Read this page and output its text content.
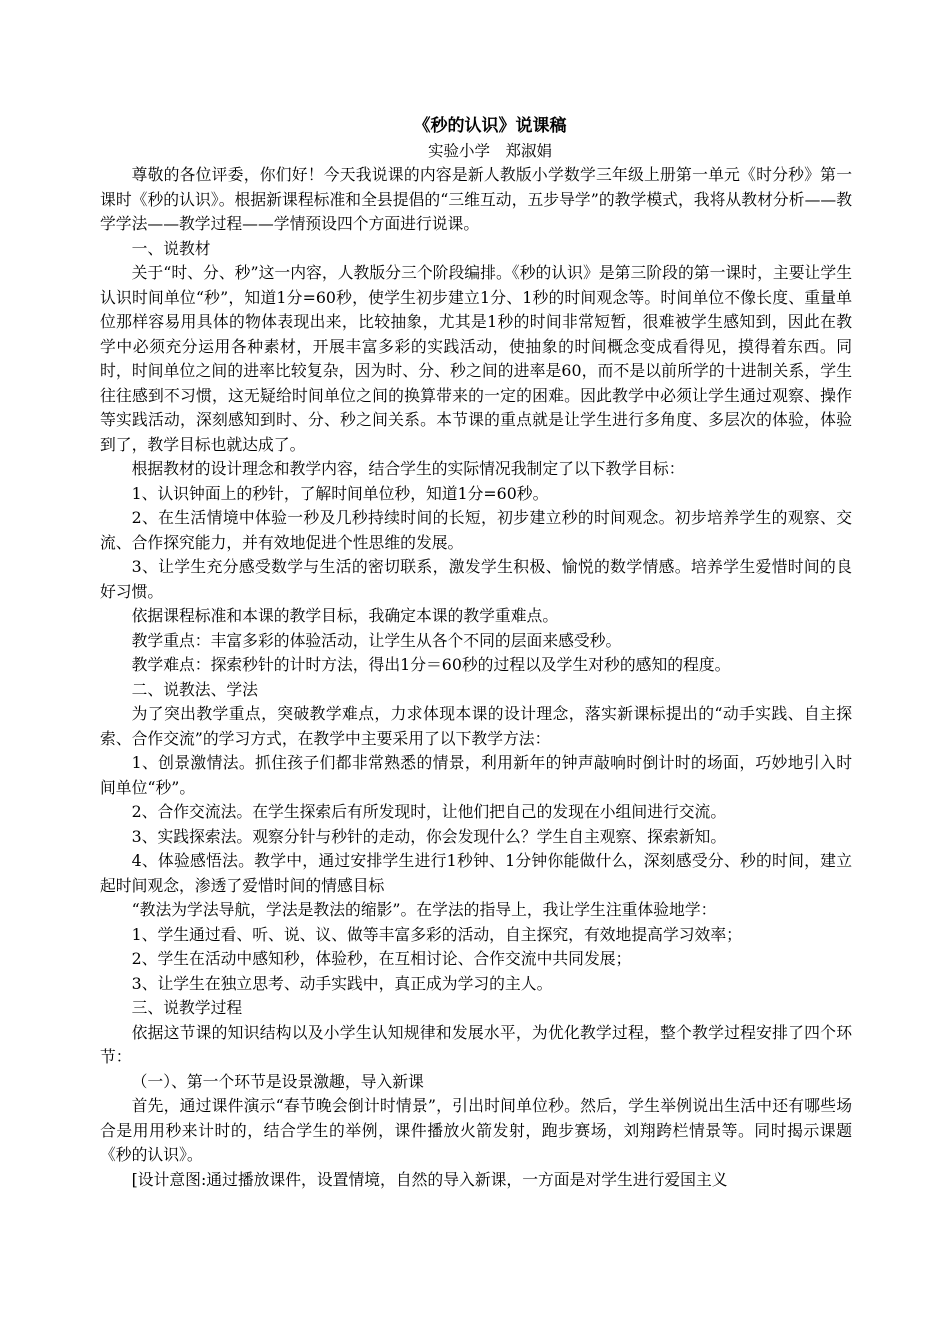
《秒的认识》说课稿

实验小学　郑淑娟

尊敬的各位评委，你们好！今天我说课的内容是新人教版小学数学三年级上册第一单元《时分秒》第一课时《秒的认识》。根据新课程标准和全县提倡的“三维互动，五步导学”的教学模式，我将从教材分析——教学学法——教学过程——学情预设四个方面进行说课。

一、说教材

关于“时、分、秒”这一内容，人教版分三个阶段编排。《秒的认识》是第三阶段的第一课时，主要让学生认识时间单位“秒”，知道1分=60秒，使学生初步建立1分、1秒的时间观念等。时间单位不像长度、重量单位那样容易用具体的物体表现出来，比较抽象，尤其是1秒的时间非常短暂，很难被学生感知到，因此在教学中必须充分运用各种素材，开展丰富多彩的实践活动，使抽象的时间概念变成看得见，摸得着东西。同时，时间单位之间的进率比较复杂，因为时、分、秒之间的进率是60，而不是以前所学的十进制关系，学生往往感到不习惯，这无疑给时间单位之间的换算带来的一定的困难。因此教学中必须让学生通过观察、操作等实践活动，深刻感知到时、分、秒之间关系。本节课的重点就是让学生进行多角度、多层次的体验，体验到了，教学目标也就达成了。

根据教材的设计理念和教学内容，结合学生的实际情况我制定了以下教学目标：

1、认识钟面上的秒针，了解时间单位秒，知道1分=60秒。

2、在生活情境中体验一秒及几秒持续时间的长短，初步建立秒的时间观念。初步培养学生的观察、交流、合作探究能力，并有效地促进个性思维的发展。

3、让学生充分感受数学与生活的密切联系，激发学生积极、愉悦的数学情感。培养学生爱惜时间的良好习惯。

依据课程标准和本课的教学目标，我确定本课的教学重难点。

教学重点：丰富多彩的体验活动，让学生从各个不同的层面来感受秒。

教学难点：探索秒针的计时方法，得出1分＝60秒的过程以及学生对秒的感知的程度。

二、说教法、学法

为了突出教学重点，突破教学难点，力求体现本课的设计理念，落实新课标提出的“动手实践、自主探索、合作交流”的学习方式，在教学中主要采用了以下教学方法：

1、创景激情法。抓住孩子们都非常熟悉的情景，利用新年的钟声敲响时倒计时的场面，巧妙地引入时间单位“秒”。

2、合作交流法。在学生探索后有所发现时，让他们把自己的发现在小组间进行交流。

3、实践探索法。观察分针与秒针的走动，你会发现什么？学生自主观察、探索新知。

4、体验感悟法。教学中，通过安排学生进行1秒钟、1分钟你能做什么，深刻感受分、秒的时间，建立起时间观念，渗透了爱惜时间的情感目标

“教法为学法导航，学法是教法的缩影”。在学法的指导上，我让学生注重体验地学：

1、学生通过看、听、说、议、做等丰富多彩的活动，自主探究，有效地提高学习效率；

2、学生在活动中感知秒，体验秒，在互相讨论、合作交流中共同发展；

3、让学生在独立思考、动手实践中，真正成为学习的主人。

三、说教学过程

依据这节课的知识结构以及小学生认知规律和发展水平，为优化教学过程，整个教学过程安排了四个环节：

（一）、第一个环节是设景激趣，导入新课

首先，通过课件演示“春节晚会倒计时情景”，引出时间单位秒。然后，学生举例说出生活中还有哪些场合是用用秒来计时的，结合学生的举例，课件播放火箭发射，跑步赛场，刘翔跨栏情景等。同时揭示课题《秒的认识》。

[设计意图:通过播放课件，设置情境，自然的导入新课，一方面是对学生进行爱国主义
